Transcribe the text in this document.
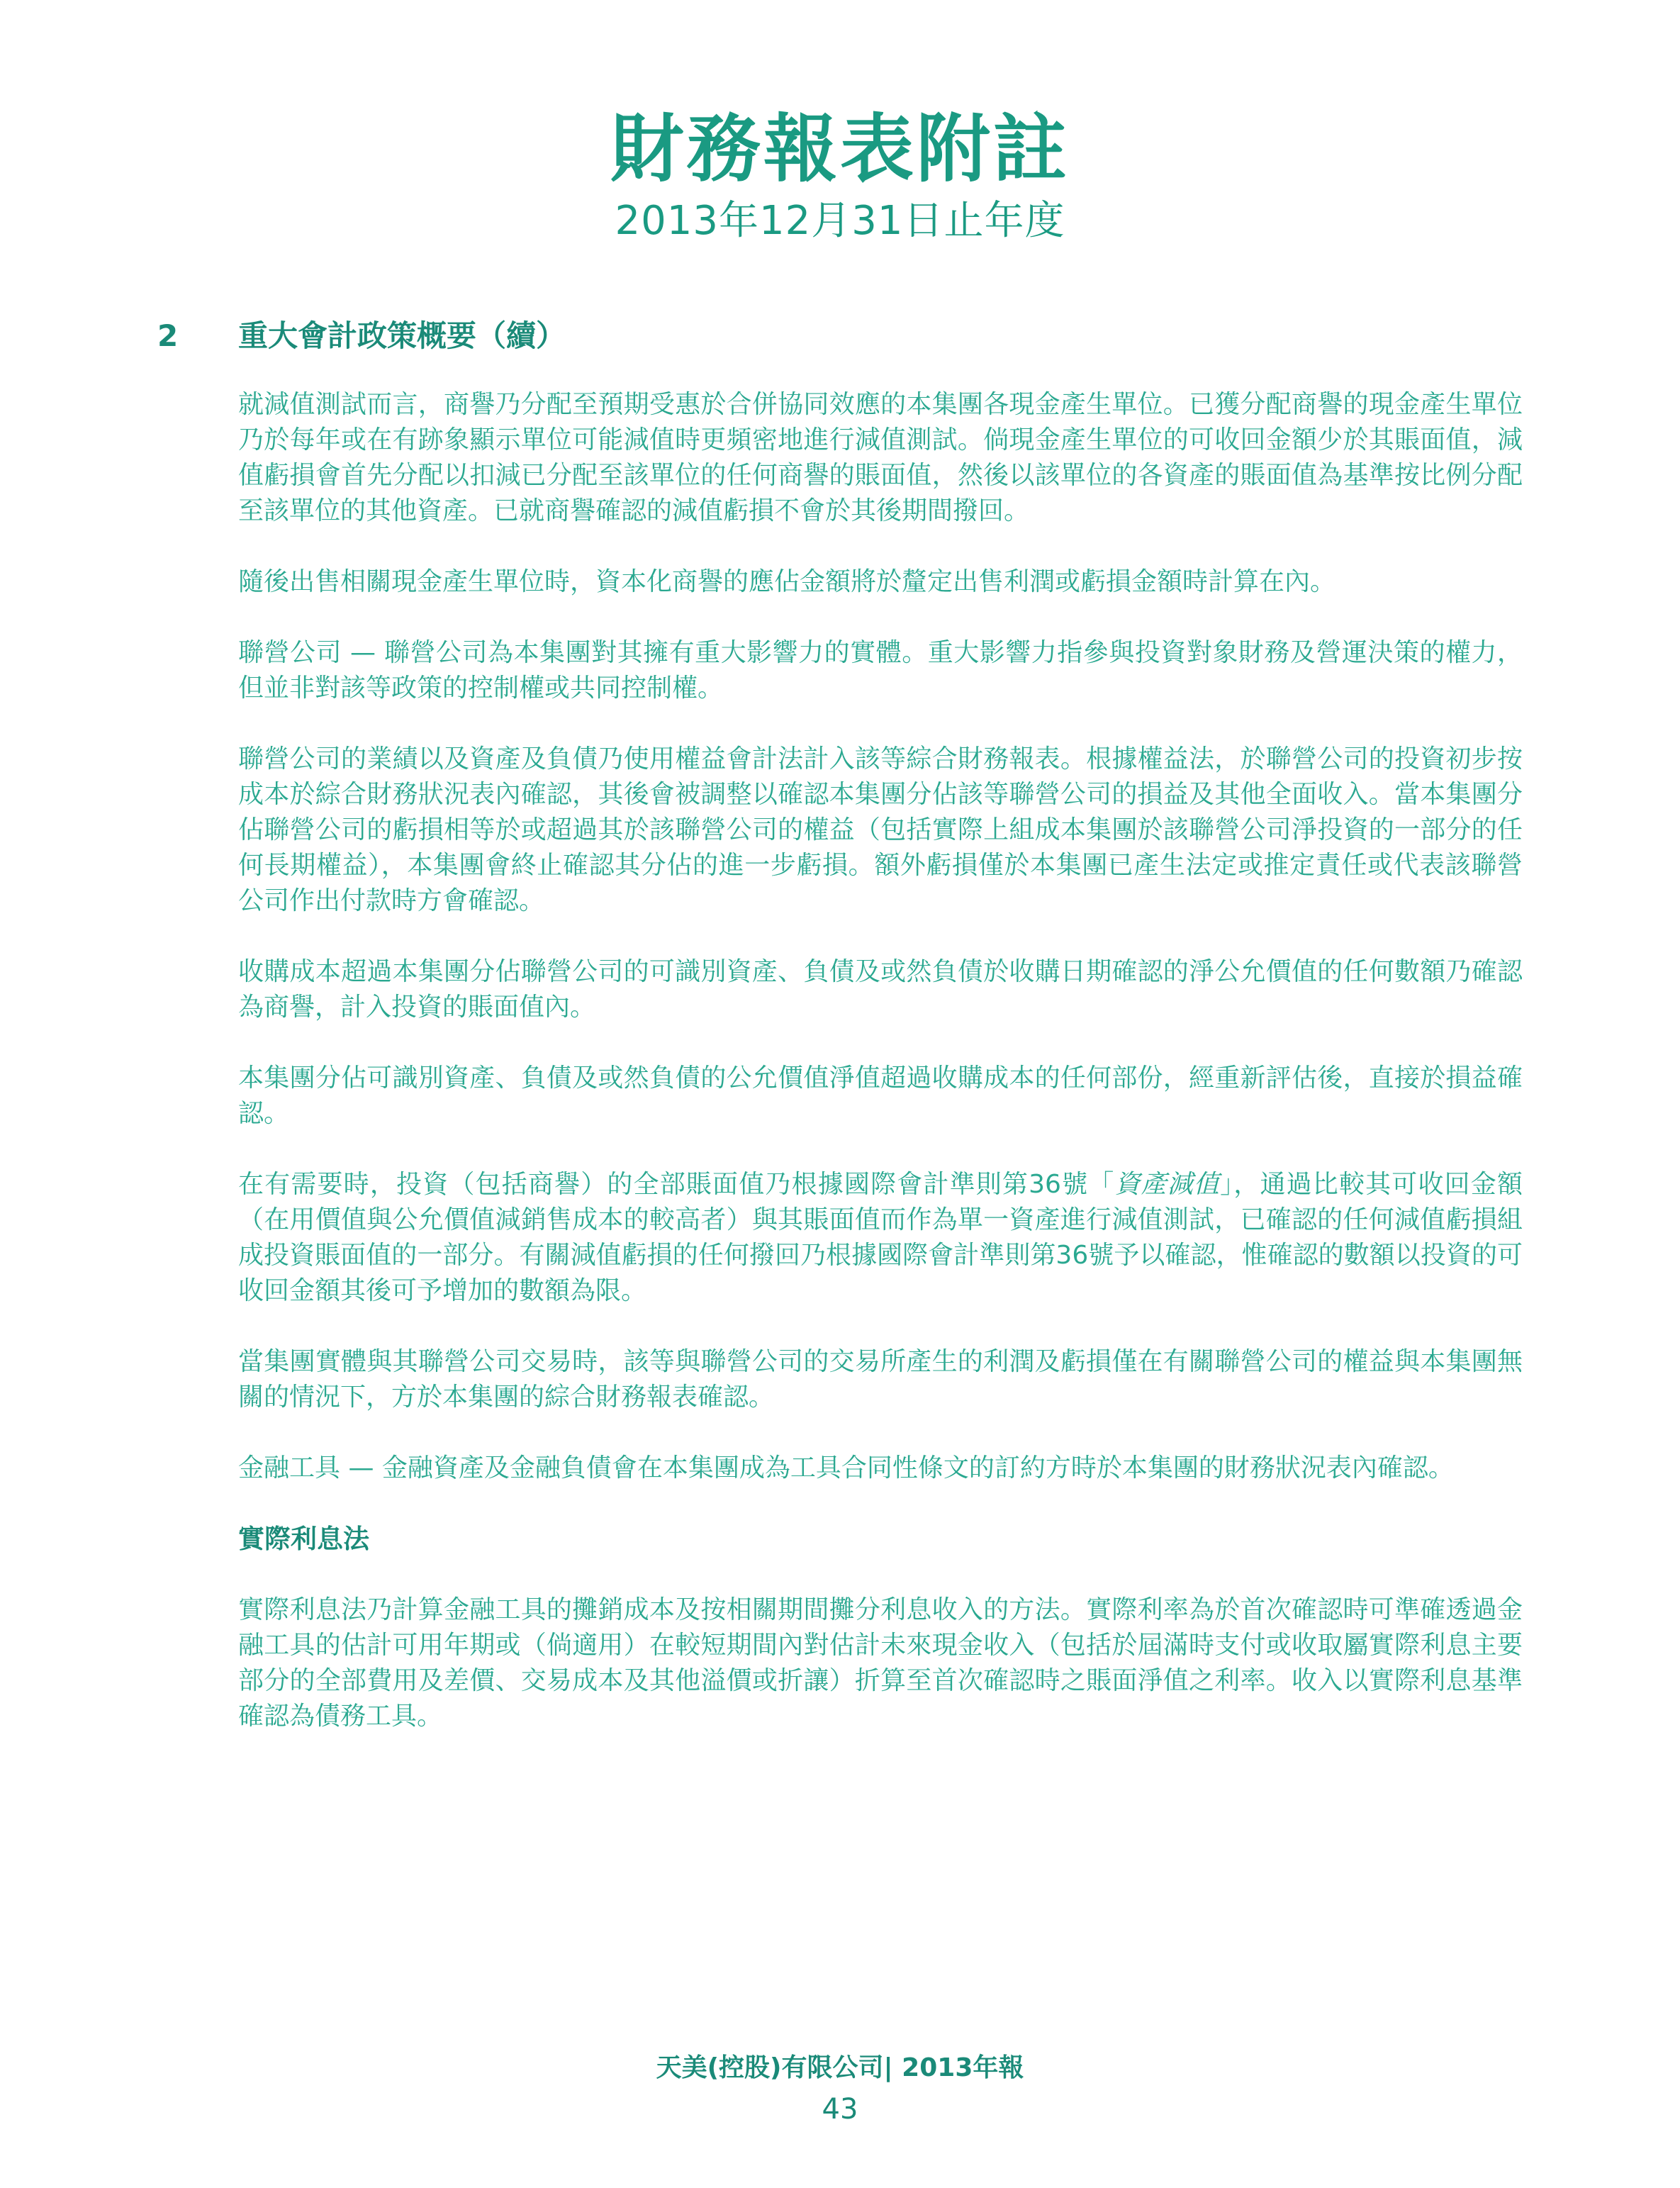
財務報表附註
2013年12月31日止年度
2 重大會計政策概要（續）

就減值測試而言，商譽乃分配至預期受惠於合併協同效應的本集團各現金產生單位。已獲分配商譽的現金產生單位乃於每年或在有跡象顯示單位可能減值時更頻密地進行減值測試。倘現金產生單位的可收回金額少於其賬面值，減值虧損會首先分配以扣減已分配至該單位的任何商譽的賬面值，然後以該單位的各資產的賬面值為基準按比例分配至該單位的其他資產。已就商譽確認的減值虧損不會於其後期間撥回。

隨後出售相關現金產生單位時，資本化商譽的應佔金額將於釐定出售利潤或虧損金額時計算在內。

聯營公司 — 聯營公司為本集團對其擁有重大影響力的實體。重大影響力指參與投資對象財務及營運決策的權力，但並非對該等政策的控制權或共同控制權。

聯營公司的業績以及資產及負債乃使用權益會計法計入該等綜合財務報表。根據權益法，於聯營公司的投資初步按成本於綜合財務狀況表內確認，其後會被調整以確認本集團分佔該等聯營公司的損益及其他全面收入。當本集團分佔聯營公司的虧損相等於或超過其於該聯營公司的權益（包括實際上組成本集團於該聯營公司淨投資的一部分的任何長期權益），本集團會終止確認其分佔的進一步虧損。額外虧損僅於本集團已產生法定或推定責任或代表該聯營公司作出付款時方會確認。

收購成本超過本集團分佔聯營公司的可識別資產、負債及或然負債於收購日期確認的淨公允價值的任何數額乃確認為商譽，計入投資的賬面值內。

本集團分佔可識別資產、負債及或然負債的公允價值淨值超過收購成本的任何部份，經重新評估後，直接於損益確認。

在有需要時，投資（包括商譽）的全部賬面值乃根據國際會計準則第36號「資產減值」，通過比較其可收回金額（在用價值與公允價值減銷售成本的較高者）與其賬面值而作為單一資產進行減值測試，已確認的任何減值虧損組成投資賬面值的一部分。有關減值虧損的任何撥回乃根據國際會計準則第36號予以確認，惟確認的數額以投資的可收回金額其後可予增加的數額為限。

當集團實體與其聯營公司交易時，該等與聯營公司的交易所產生的利潤及虧損僅在有關聯營公司的權益與本集團無關的情況下，方於本集團的綜合財務報表確認。

金融工具 — 金融資產及金融負債會在本集團成為工具合同性條文的訂約方時於本集團的財務狀況表內確認。

實際利息法

實際利息法乃計算金融工具的攤銷成本及按相關期間攤分利息收入的方法。實際利率為於首次確認時可準確透過金融工具的估計可用年期或（倘適用）在較短期間內對估計未來現金收入（包括於屆滿時支付或收取屬實際利息主要部分的全部費用及差價、交易成本及其他溢價或折讓）折算至首次確認時之賬面淨值之利率。收入以實際利息基準確認為債務工具。

天美(控股)有限公司| 2013年報
43
